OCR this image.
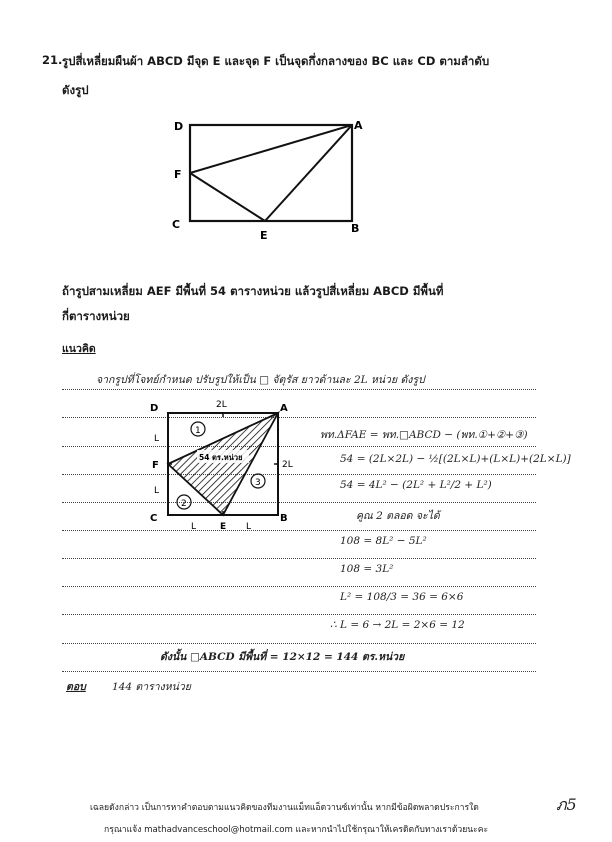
21. รูปสี่เหลี่ยมผืนผ้า ABCD มีจุด E และจุด F เป็นจุดกึ่งกลางของ BC และ CD ตามลำดับ
ดังรูป
D	A
F
C
E
B
ถ้ารูปสามเหลี่ยม AEF มีพื้นที่ 54 ตารางหน่วย แล้วรูปสี่เหลี่ยม ABCD มีพื้นที่
กี่ตารางหน่วย
แนวคิด
จากรูปที่โจทย์กำหนด ปรับรูปให้เป็น □ จัตุรัส ยาวด้านละ 2L หน่วย ดังรูป
D	A
F
C	B
E
2L
2L
L
L
L	L
1
2
3
54 ตร.หน่วย
พท.ΔFAE = พท.□ABCD − (พท.①+②+③)
54 = (2L×2L) − ½[(2L×L)+(L×L)+(2L×L)]
54 = 4L² − (2L² + L²/2 + L²)
คูณ 2 ตลอด จะได้
108 = 8L² − 5L²
108 = 3L²
L² = 108/3 = 36 = 6×6
∴ L = 6 → 2L = 2×6 = 12
ดังนั้น □ABCD มีพื้นที่ = 12×12 = 144 ตร.หน่วย
ตอบ 144 ตารางหน่วย
เฉลยดังกล่าว เป็นการหาคำตอบตามแนวคิดของทีมงานแม็ทแอ็ดวานซ์เท่านั้น หากมีข้อผิดพลาดประการใด
กรุณาแจ้ง mathadvanceschool@hotmail.com และหากนำไปใช้กรุณาให้เครดิตกับทางเราด้วยนะคะ
ภ5
